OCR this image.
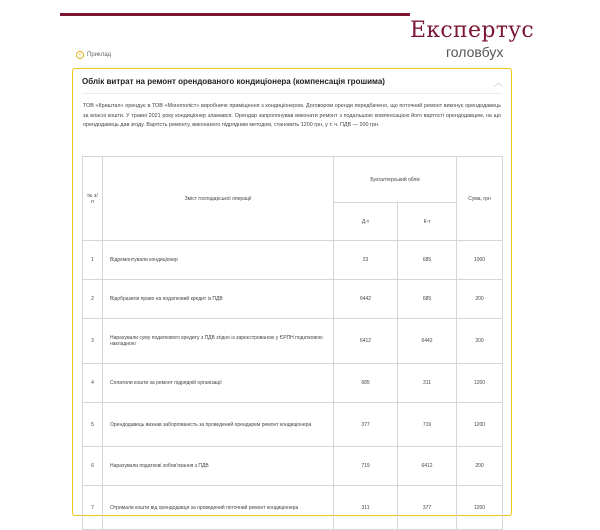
Експертус
головбух
+ Приклад
Облік витрат на ремонт орендованого кондиціонера (компенсація грошима)	︿
ТОВ «Криштал» орендує в ТОВ «Монополіст» виробниче приміщення з кондиціонером. Договором оренди передбачено, що поточний ремонт виконує орендодавець за власні кошти. У травні 2021 року кондиціонер зламався. Орендар запропонував виконати ремонт з подальшою компенсацією його вартості орендодавцем, на що орендодавець дав згоду. Вартість ремонту, виконаного підрядним методом, становить 1200 грн, у т. ч. ПДВ — 200 грн.
№ з/п	Зміст господарської операції	Бухгалтерський облік		Сума, грн
		Д-т	К-т	
1	Відремонтували кондиціонер	23	685	1000
2	Відобразили право на податковий кредит із ПДВ	6442	685	200
3	Нарахували суму податкового кредиту з ПДВ згідно із зареєстрованою у ЄРПН податковою накладною	6412	6442	200
4	Сплатили кошти за ремонт підрядній організації	685	311	1200
5	Орендодавець визнав заборгованість за проведений орендарем ремонт кондиціонера	377	719	1200
6	Нарахували податкові зобов’язання з ПДВ	719	6412	200
7	Отримали кошти від орендодавця за проведений поточний ремонт кондиціонера	311	377	1200
